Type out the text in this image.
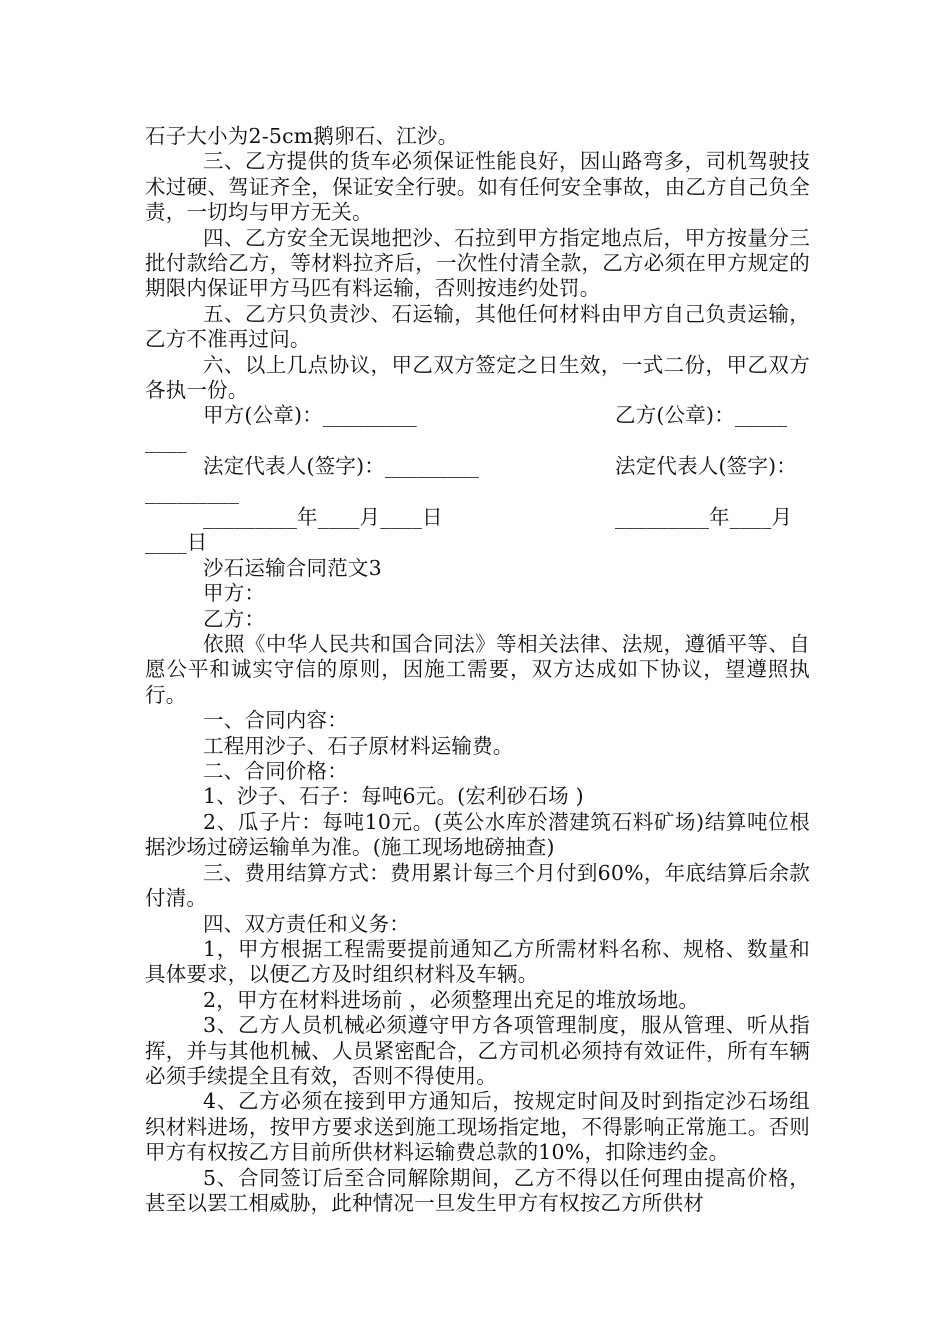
石子大小为2-5cm鹅卵石、江沙。

三、乙方提供的货车必须保证性能良好，因山路弯多，司机驾驶技术过硬、驾证齐全，保证安全行驶。如有任何安全事故，由乙方自己负全责，一切均与甲方无关。

四、乙方安全无误地把沙、石拉到甲方指定地点后，甲方按量分三批付款给乙方，等材料拉齐后，一次性付清全款，乙方必须在甲方规定的期限内保证甲方马匹有料运输，否则按违约处罚。

五、乙方只负责沙、石运输，其他任何材料由甲方自己负责运输，乙方不准再过问。

六、以上几点协议，甲乙双方签定之日生效，一式二份，甲乙双方各执一份。

甲方(公章)：_________

	乙方(公章)：_____

____

法定代表人(签字)：_________

	法定代表人(签字)：

_________

_________年____月____日

	_________年____月

____日

沙石运输合同范文3

甲方：

乙方：

依照《中华人民共和国合同法》等相关法律、法规，遵循平等、自愿公平和诚实守信的原则，因施工需要，双方达成如下协议，望遵照执行。

一、合同内容：

工程用沙子、石子原材料运输费。

二、合同价格：

1、沙子、石子：每吨6元。(宏利砂石场 )

2、瓜子片：每吨10元。(英公水库於潜建筑石料矿场)结算吨位根据沙场过磅运输单为准。(施工现场地磅抽查)

三、费用结算方式：费用累计每三个月付到60%，年底结算后余款付清。

四、双方责任和义务：

1，甲方根据工程需要提前通知乙方所需材料名称、规格、数量和具体要求，以便乙方及时组织材料及车辆。

2，甲方在材料进场前 ，必须整理出充足的堆放场地。

3、乙方人员机械必须遵守甲方各项管理制度，服从管理、听从指挥，并与其他机械、人员紧密配合，乙方司机必须持有效证件，所有车辆必须手续提全且有效，否则不得使用。

4、乙方必须在接到甲方通知后，按规定时间及时到指定沙石场组织材料进场，按甲方要求送到施工现场指定地，不得影响正常施工。否则甲方有权按乙方目前所供材料运输费总款的10%，扣除违约金。

5、合同签订后至合同解除期间，乙方不得以任何理由提高价格，甚至以罢工相威胁，此种情况一旦发生甲方有权按乙方所供材
